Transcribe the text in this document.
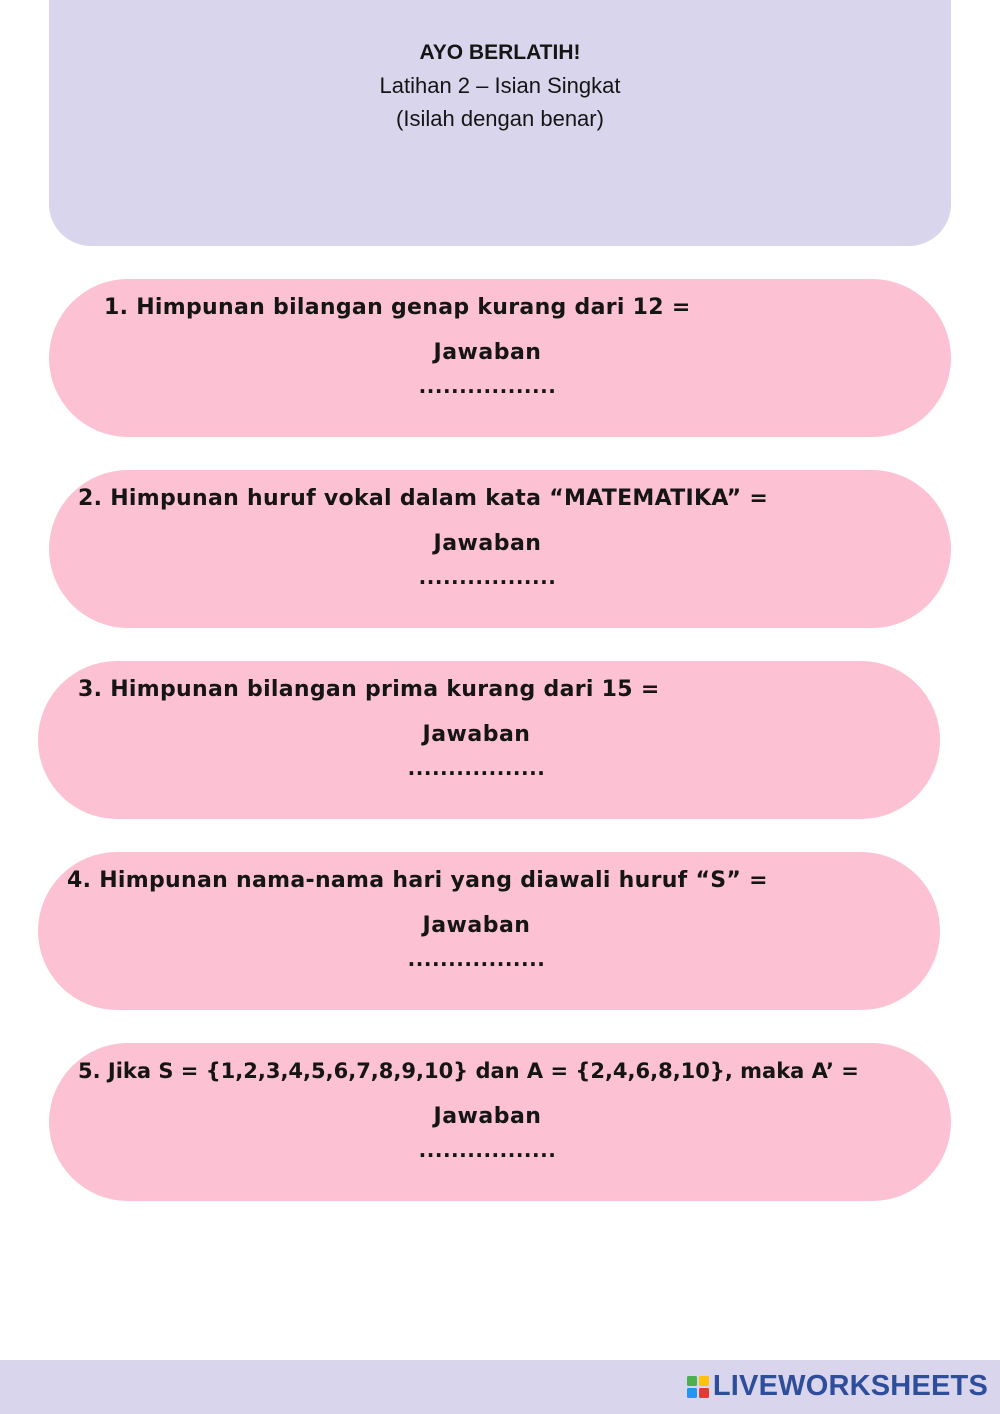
AYO BERLATIH!
Latihan 2 – Isian Singkat
(Isilah dengan benar)
1. Himpunan bilangan genap kurang dari 12 =
Jawaban
.................
2. Himpunan huruf vokal dalam kata “MATEMATIKA” =
Jawaban
.................
3. Himpunan bilangan prima kurang dari 15 =
Jawaban
.................
4. Himpunan nama-nama hari yang diawali huruf “S” =
Jawaban
.................
5. Jika S = {1,2,3,4,5,6,7,8,9,10} dan A = {2,4,6,8,10}, maka A’ =
Jawaban
.................
LIVEWORKSHEETS
